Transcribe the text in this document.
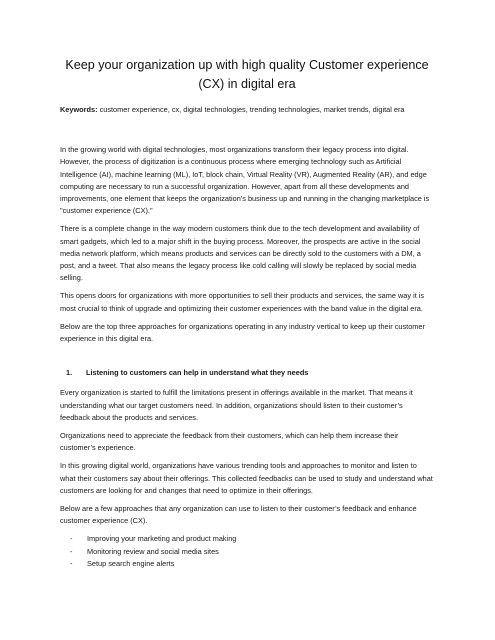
Keep your organization up with high quality Customer experience (CX) in digital era

Keywords: customer experience, cx, digital technologies, trending technologies, market trends, digital era

In the growing world with digital technologies, most organizations transform their legacy process into digital. However, the process of digitization is a continuous process where emerging technology such as Artificial Intelligence (AI), machine learning (ML), IoT, block chain, Virtual Reality (VR), Augmented Reality (AR), and edge computing are necessary to run a successful organization. However, apart from all these developments and improvements, one element that keeps the organization's business up and running in the changing marketplace is "customer experience (CX)."

There is a complete change in the way modern customers think due to the tech development and availability of smart gadgets, which led to a major shift in the buying process. Moreover, the prospects are active in the social media network platform, which means products and services can be directly sold to the customers with a DM, a post, and a tweet. That also means the legacy process like cold calling will slowly be replaced by social media selling.

This opens doors for organizations with more opportunities to sell their products and services, the same way it is most crucial to think of upgrade and optimizing their customer experiences with the band value in the digital era.

Below are the top three approaches for organizations operating in any industry vertical to keep up their customer experience in this digital era.

1.	Listening to customers can help in understand what they needs

Every organization is started to fulfill the limitations present in offerings available in the market. That means it understanding what our target customers need. In addition, organizations should listen to their customer’s feedback about the products and services.

Organizations need to appreciate the feedback from their customers, which can help them increase their customer’s experience.

In this growing digital world, organizations have various trending tools and approaches to monitor and listen to what their customers say about their offerings. This collected feedbacks can be used to study and understand what customers are looking for and changes that need to optimize in their offerings.

Below are a few approaches that any organization can use to listen to their customer’s feedback and enhance customer experience (CX).

-	Improving your marketing and product making
-	Monitoring review and social media sites
-	Setup search engine alerts
